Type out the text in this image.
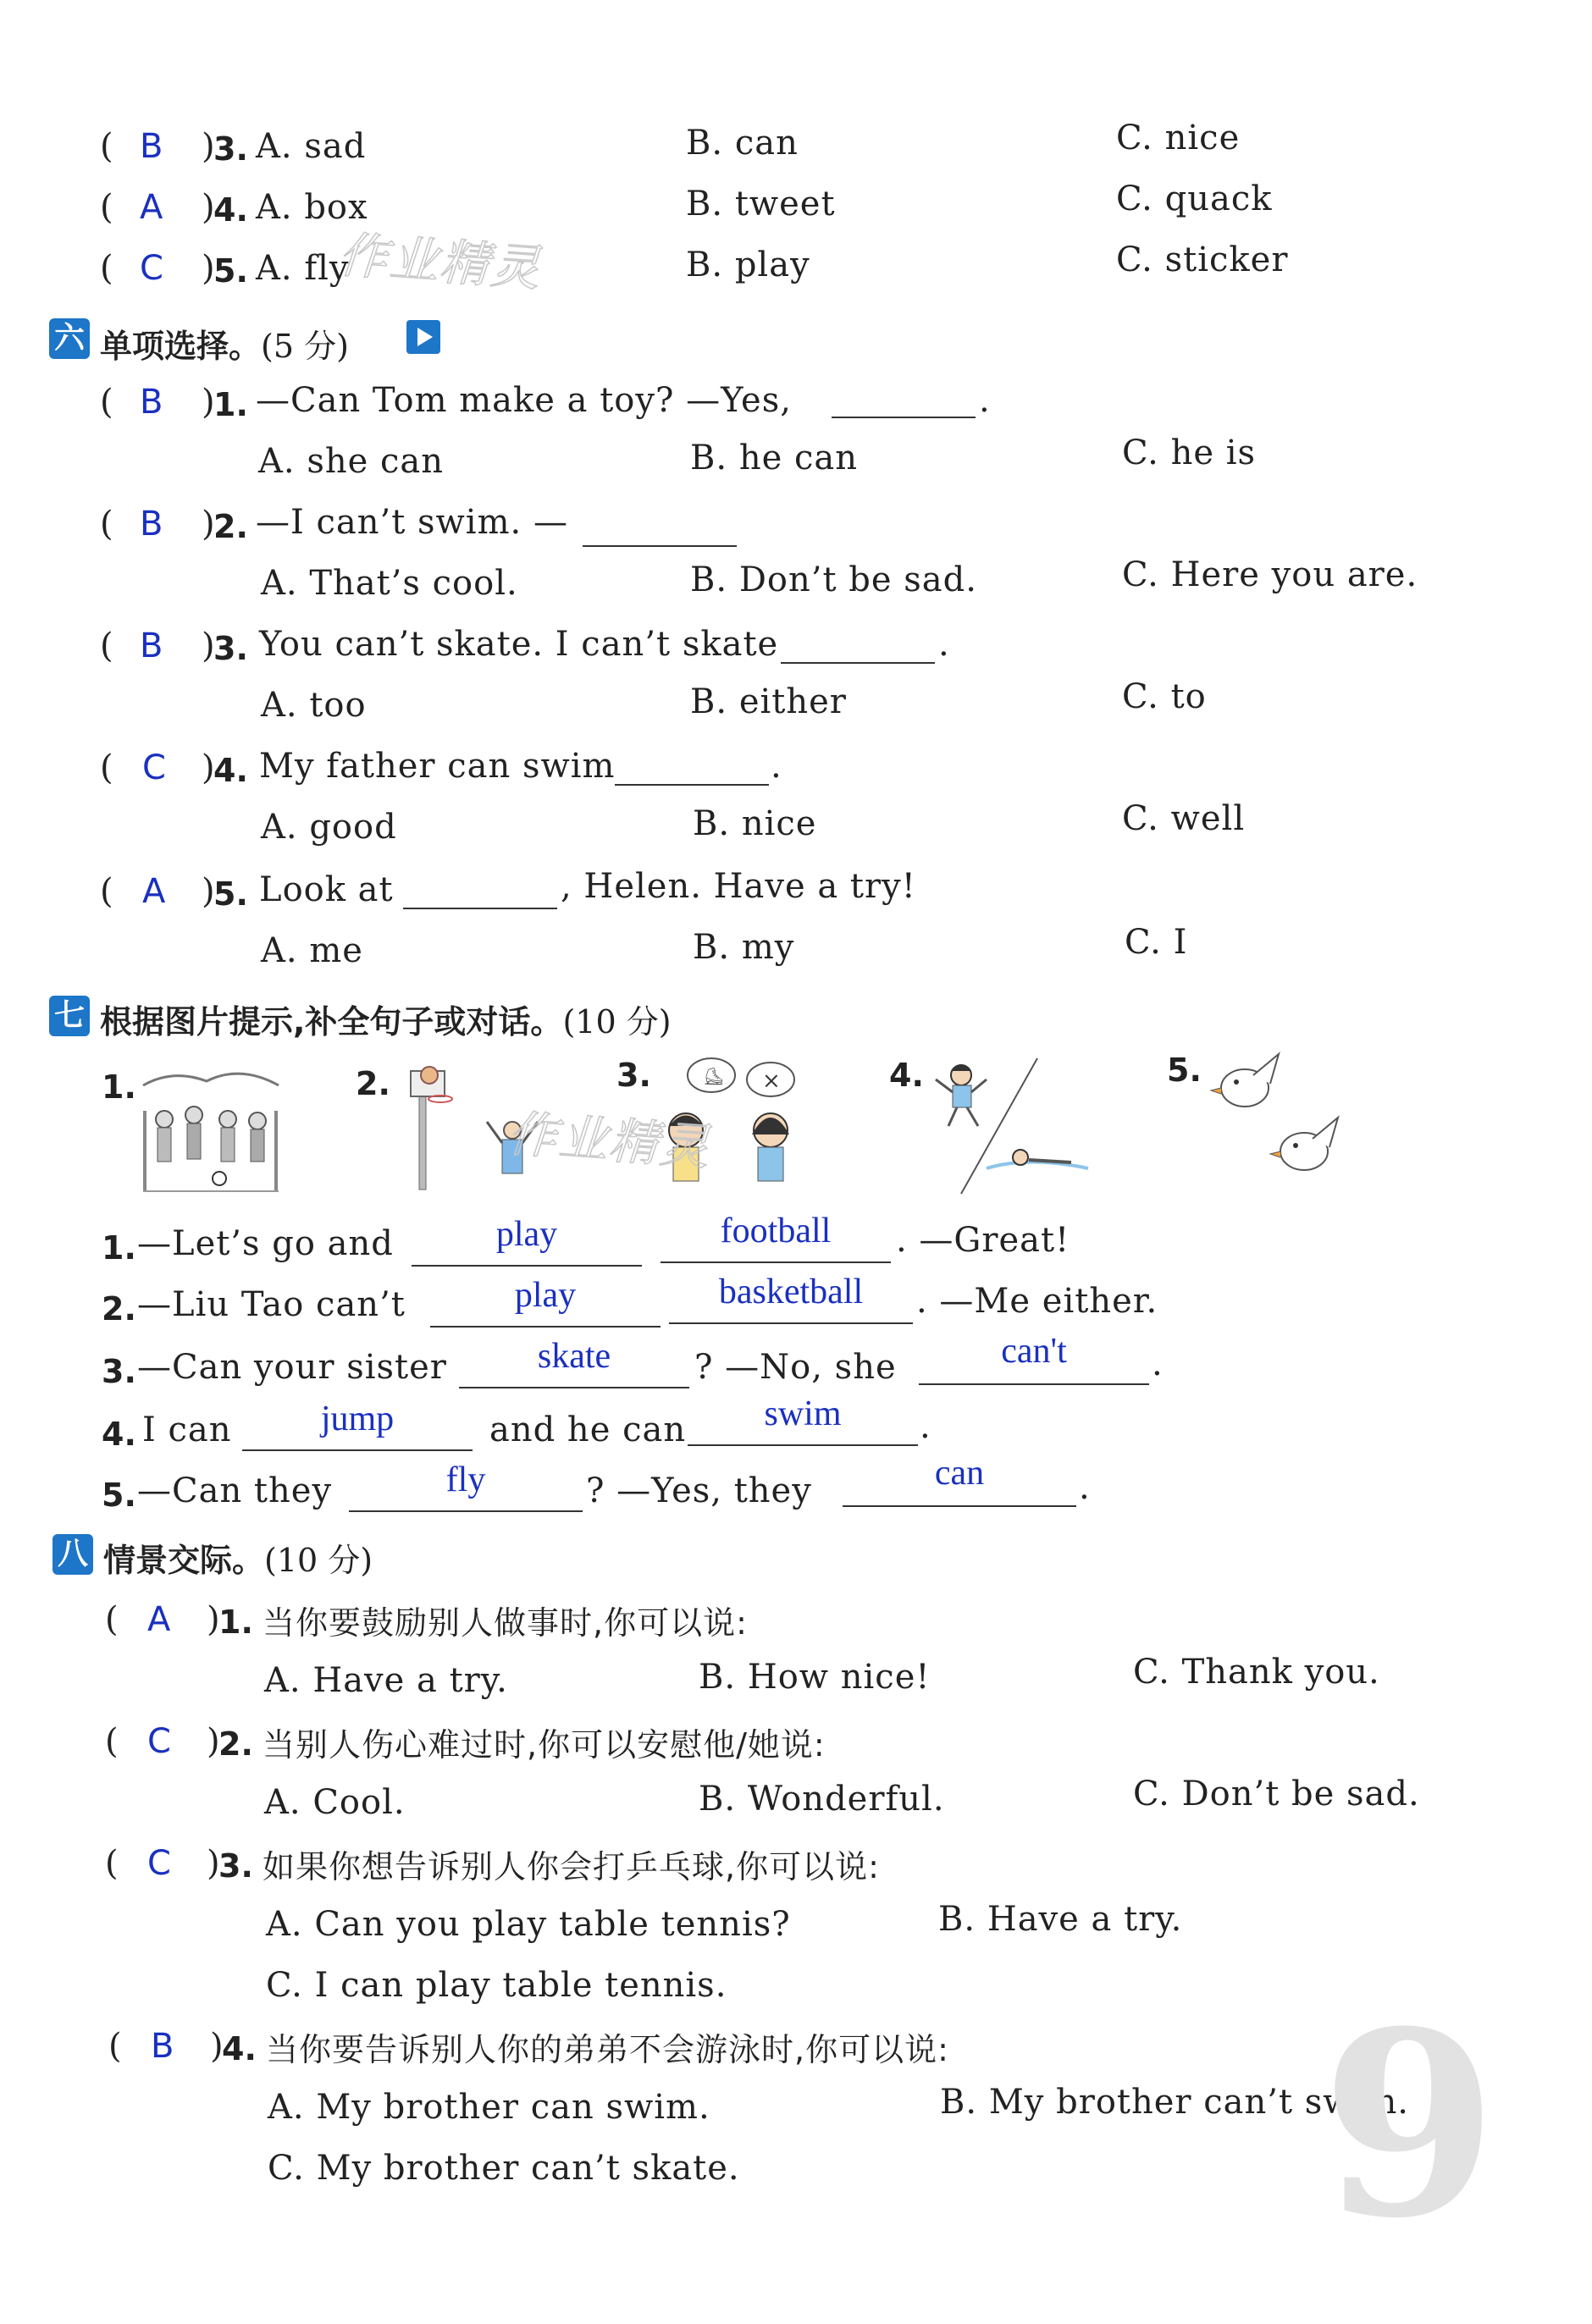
( B )
3. A. sad	B. can	C. nice
( A )
4. A. box	B. tweet	C. quack
( C )
5. A. fly	B. play	C. sticker
作业精灵
六 单项选择。(5 分)
( B )
1. —Can Tom make a toy? —Yes,	.
A. she can	B. he can	C. he is
( B )
2. —I can’t swim. —
A. That’s cool.	B. Don’t be sad.	C. Here you are.
( B )
3. You can’t skate. I can’t skate	.
A. too	B. either	C. to
( C )
4. My father can swim	.
A. good	B. nice	C. well
( A )
5. Look at	, Helen. Have a try!
A. me	B. my	C. I
七 根据图片提示,补全句子或对话。(10 分)
1.	2.	3.	⛸ ×	4.	5.
作业精灵
1. —Let’s go and	play	football	. —Great!
2. —Liu Tao can’t	play	basketball	. —Me either.
3. —Can your sister	skate	? —No, she	can't	.
4. I can	jump	and he can	swim	.
5. —Can they	fly	? —Yes, they	can	.
八 情景交际。(10 分)
( A )
1. 当你要鼓励别人做事时,你可以说:
A. Have a try.	B. How nice!	C. Thank you.
( C )
2. 当别人伤心难过时,你可以安慰他/她说:
A. Cool.	B. Wonderful.	C. Don’t be sad.
( C )
3. 如果你想告诉别人你会打乒乓球,你可以说:
A. Can you play table tennis?	B. Have a try.
C. I can play table tennis.
( B )
4. 当你要告诉别人你的弟弟不会游泳时,你可以说:
A. My brother can swim.	B. My brother can’t swim.
C. My brother can’t skate. 9
